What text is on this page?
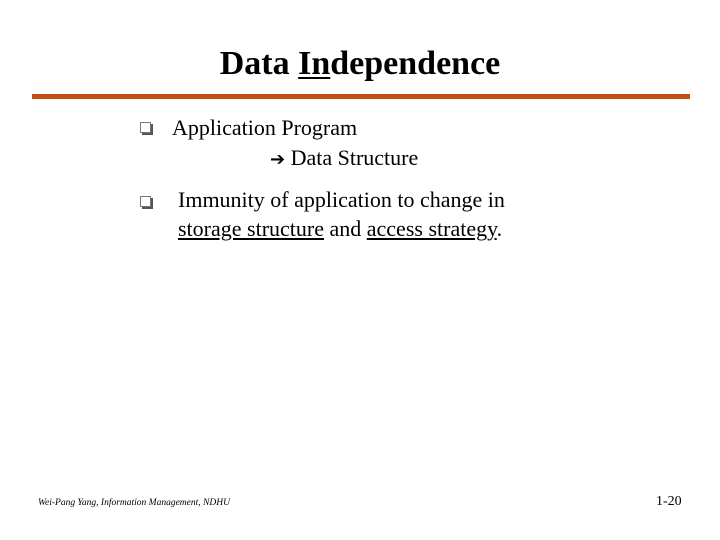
Data Independence
Application Program
➔ Data Structure
Immunity of application to change in
storage structure and access strategy.
Wei-Pang Yang, Information Management, NDHU	1-20
